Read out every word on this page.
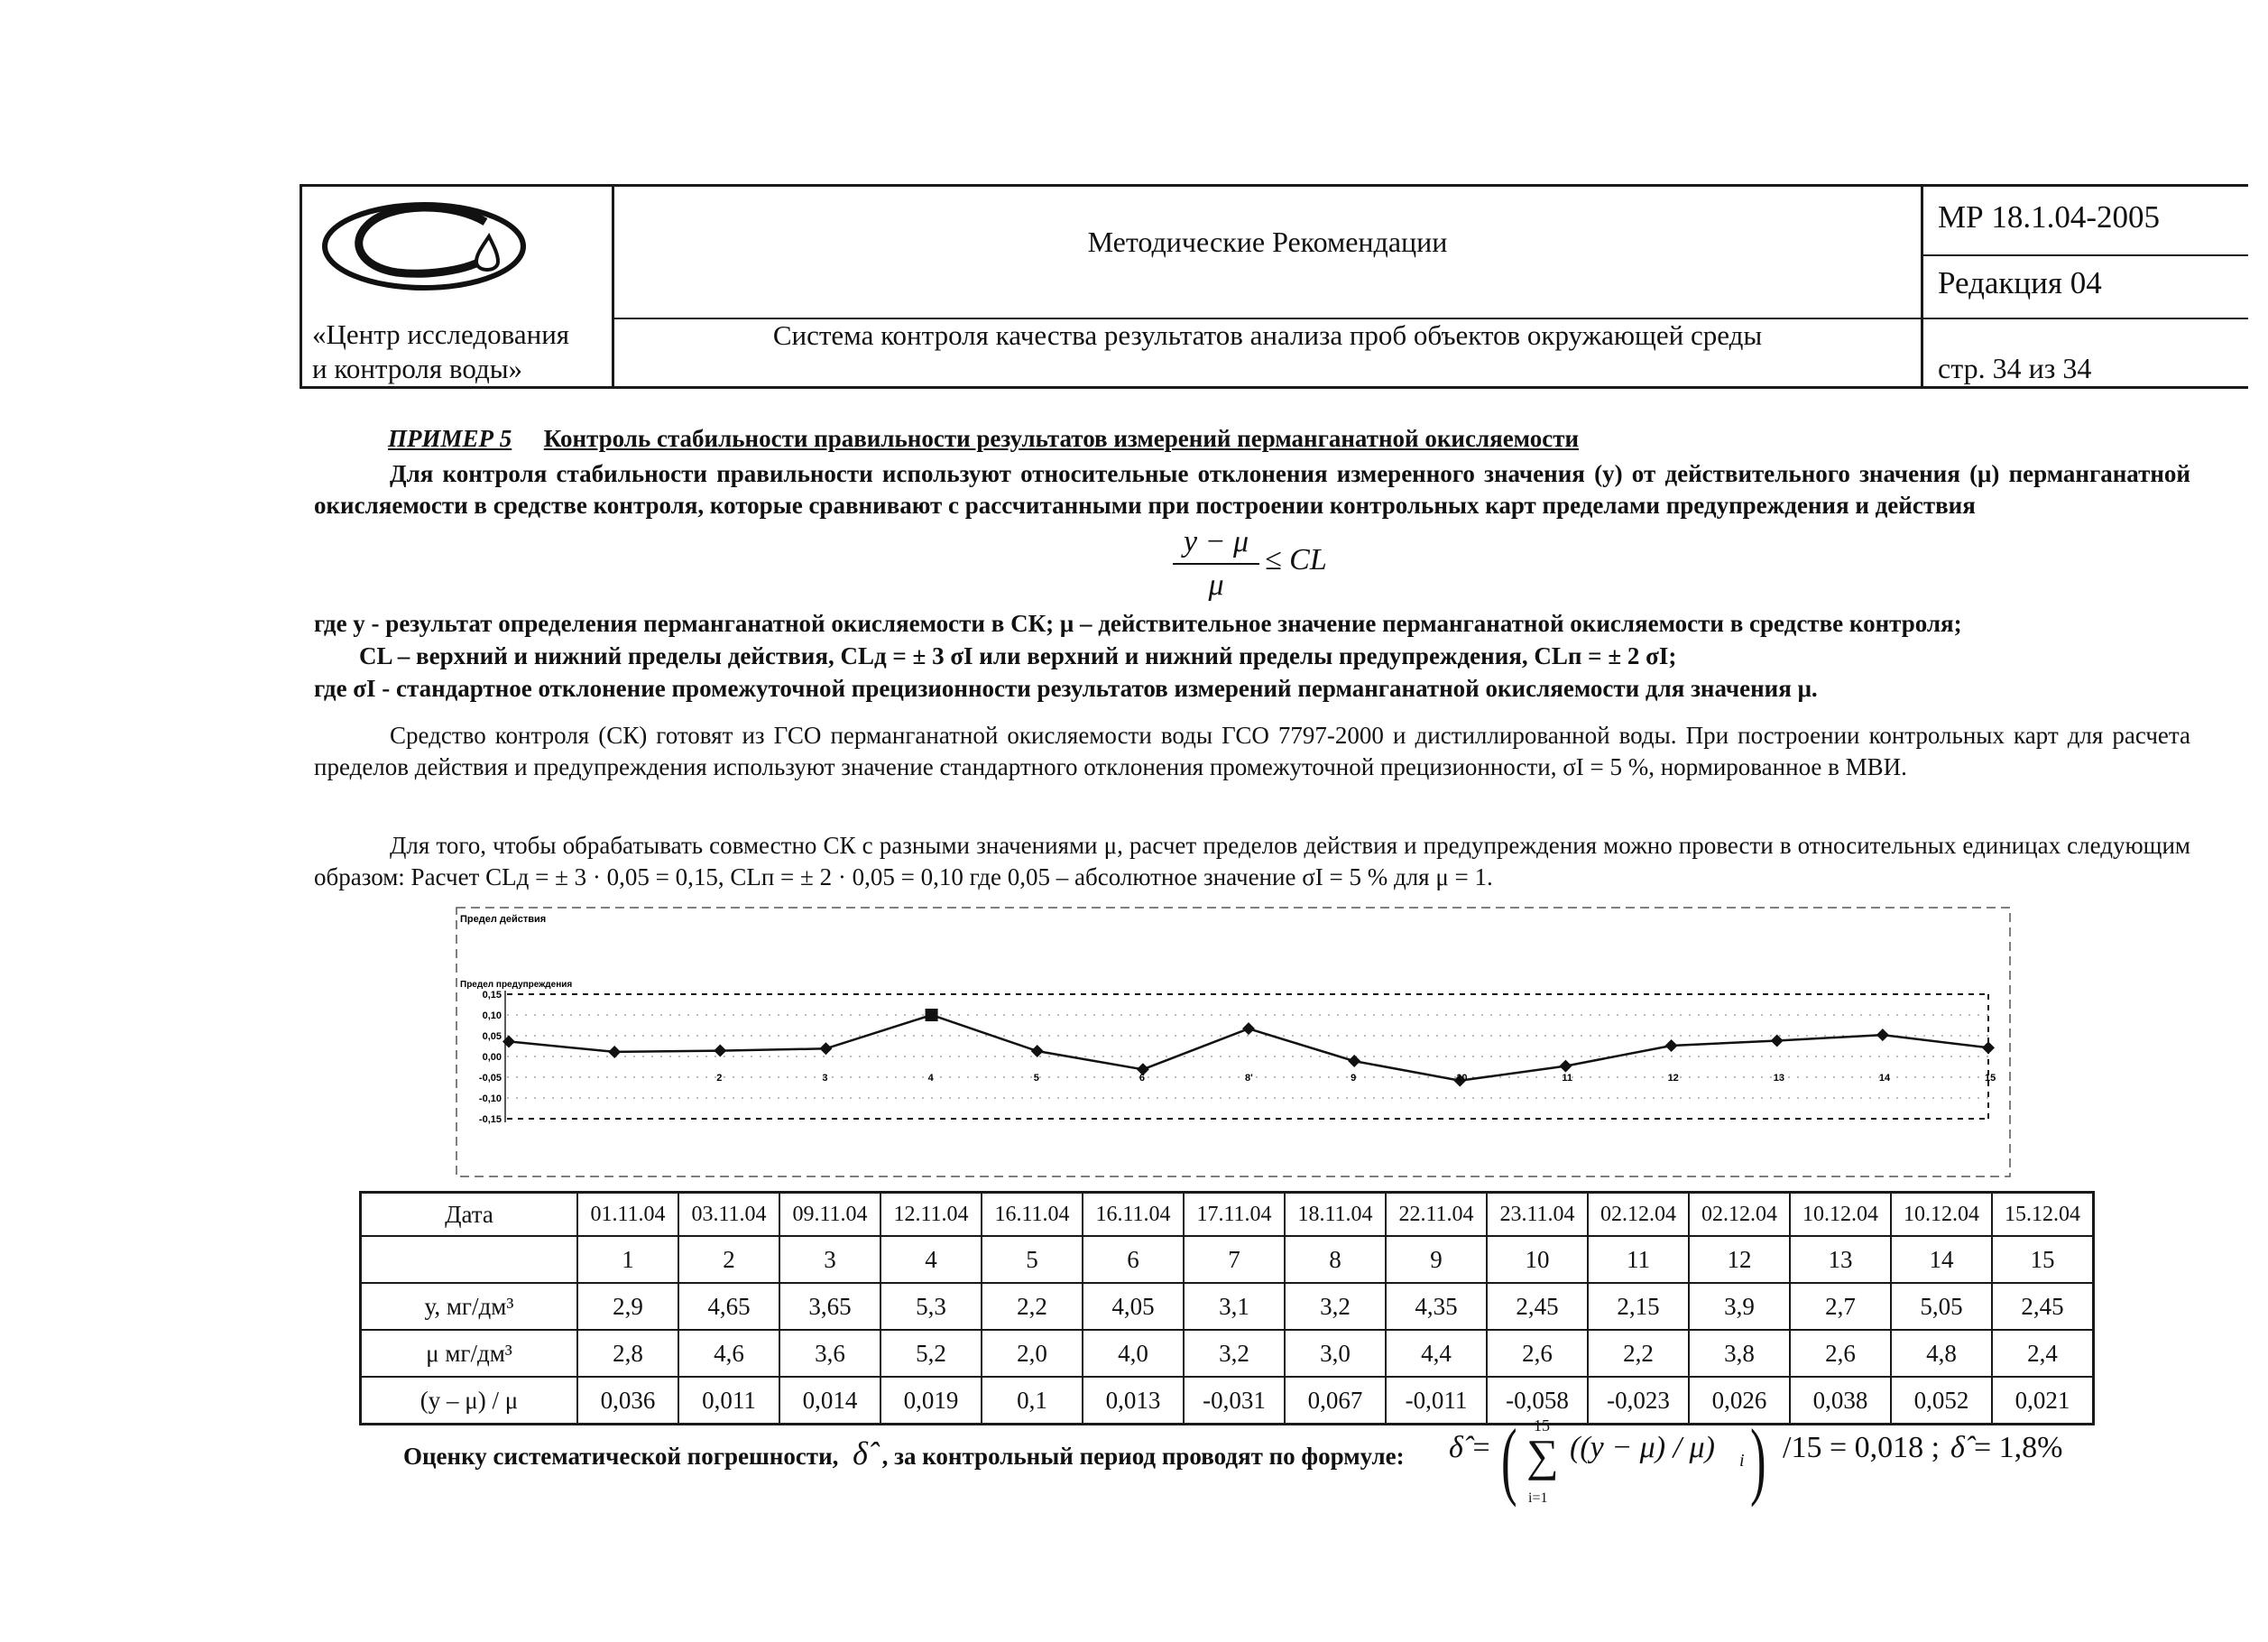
«Центр исследования
и контроля воды»
Методические Рекомендации
Система контроля качества результатов анализа проб объектов окружающей среды
МР 18.1.04-2005
Редакция 04
стр. 34 из 34
ПРИМЕР 5 Контроль стабильности правильности результатов измерений перманганатной окисляемости
Для контроля стабильности правильности используют относительные отклонения измеренного значения (y) от действительного значения (μ) перманганатной окисляемости в средстве контроля, которые сравнивают с рассчитанными при построении контрольных карт пределами предупреждения и действия
y − μ
μ
≤ CL
где y - результат определения перманганатной окисляемости в СК; μ – действительное значение перманганатной окисляемости в средстве контроля;
CL – верхний и нижний пределы действия, CLд = ± 3 σI или верхний и нижний пределы предупреждения, CLп = ± 2 σI;
где σI - стандартное отклонение промежуточной прецизионности результатов измерений перманганатной окисляемости для значения μ.
Средство контроля (СК) готовят из ГСО перманганатной окисляемости воды ГСО 7797-2000 и дистиллированной воды. При построении контрольных карт для расчета пределов действия и предупреждения используют значение стандартного отклонения промежуточной прецизионности, σI = 5 %, нормированное в МВИ.
Для того, чтобы обрабатывать совместно СК с разными значениями μ, расчет пределов действия и предупреждения можно провести в относительных единицах следующим образом: Расчет CLд = ± 3 · 0,05 = 0,15, CLп = ± 2 · 0,05 = 0,10 где 0,05 – абсолютное значение σI = 5 % для μ = 1.
Предел действия
Предел предупреждения
0,15
0,10
0,05
0,00
-0,05
-0,10
-0,15
2	3	4	5	6	8'	9	10	11	12	13	14	15
Дата	01.11.04	03.11.04	09.11.04	12.11.04	16.11.04	16.11.04	17.11.04	18.11.04	22.11.04	23.11.04	02.12.04	02.12.04	10.12.04	10.12.04	15.12.04
	1	2	3	4	5	6	7	8	9	10	11	12	13	14	15
у, мг/дм³	2,9	4,65	3,65	5,3	2,2	4,05	3,1	3,2	4,35	2,45	2,15	3,9	2,7	5,05	2,45
μ мг/дм³	2,8	4,6	3,6	5,2	2,0	4,0	3,2	3,0	4,4	2,6	2,2	3,8	2,6	4,8	2,4
(у – μ) / μ	0,036	0,011	0,014	0,019	0,1	0,013	-0,031	0,067	-0,011	-0,058	-0,023	0,026	0,038	0,052	0,021
Оценку систематической погрешности,  δ̂  , за контрольный период проводят по формуле: δ̂ = ( 15
∑
i=1
((y − μ) / μ) i ) /15 = 0,018 ; δ̂ = 1,8%
